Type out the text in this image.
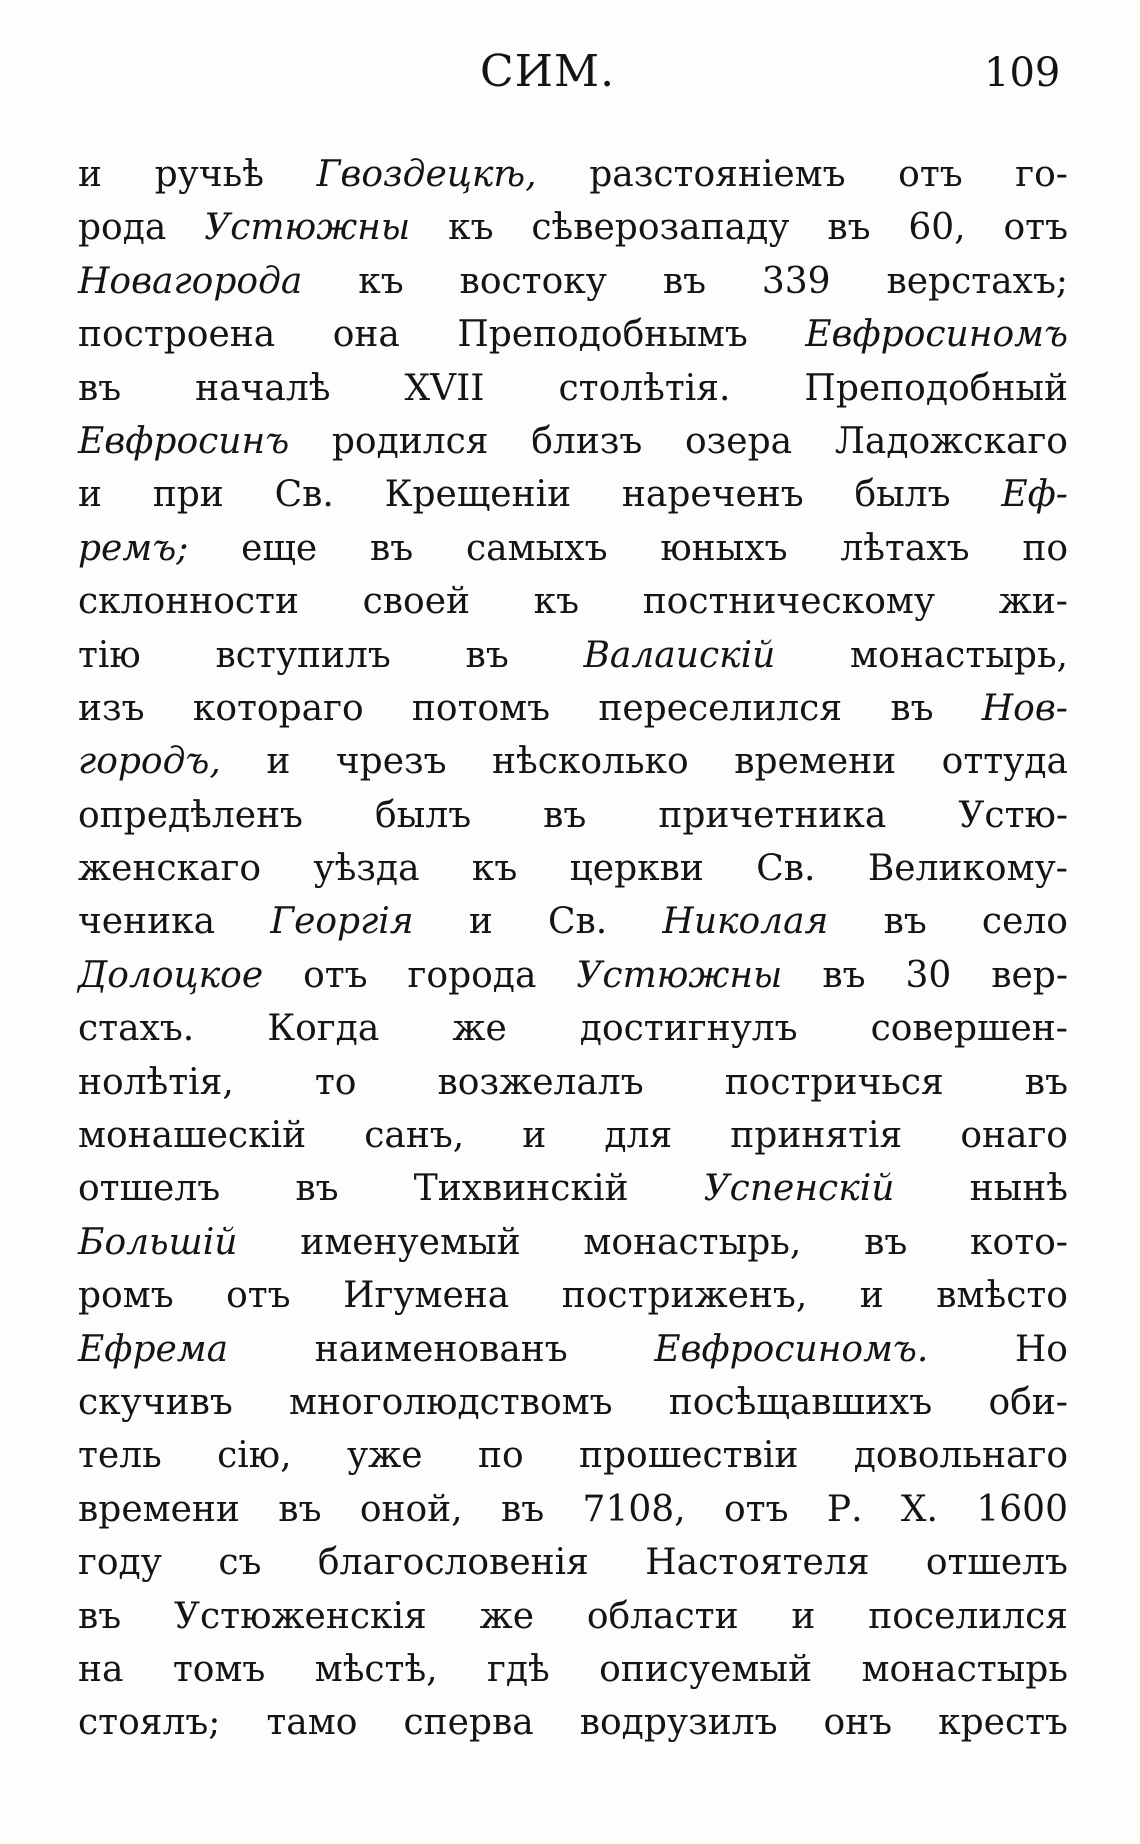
СИМ.	109
и ручьѣ Гвоздецкѣ, разстояніемъ отъ го-
рода Устюжны къ сѣверозападу въ 60, отъ
Новагорода къ востоку въ 339 верстахъ;
построена она Преподобнымъ Евфросиномъ
въ началѣ XVII столѣтія. Преподобный
Евфросинъ родился близъ озера Ладожскаго
и при Св. Крещеніи нареченъ былъ Еф-
ремъ; еще въ самыхъ юныхъ лѣтахъ по
склонности своей къ постническому жи-
тію вступилъ въ Валаискій монастырь,
изъ котораго потомъ переселился въ Нов-
городъ, и чрезъ нѣсколько времени оттуда
опредѣленъ былъ въ причетника Устю-
женскаго уѣзда къ церкви Св. Великому-
ченика Георгія и Св. Николая въ село
Долоцкое отъ города Устюжны въ 30 вер-
стахъ. Когда же достигнулъ совершен-
нолѣтія, то возжелалъ постричься въ
монашескій санъ, и для принятія онаго
отшелъ въ Тихвинскій Успенскій нынѣ
Большій именуемый монастырь, въ кото-
ромъ отъ Игумена постриженъ, и вмѣсто
Ефрема наименованъ Евфросиномъ. Но
скучивъ многолюдствомъ посѣщавшихъ оби-
тель сію, уже по прошествіи довольнаго
времени въ оной, въ 7108, отъ Р. Х. 1600
году съ благословенія Настоятеля отшелъ
въ Устюженскія же области и поселился
на томъ мѣстѣ, гдѣ описуемый монастырь
стоялъ; тамо сперва водрузилъ онъ крестъ
